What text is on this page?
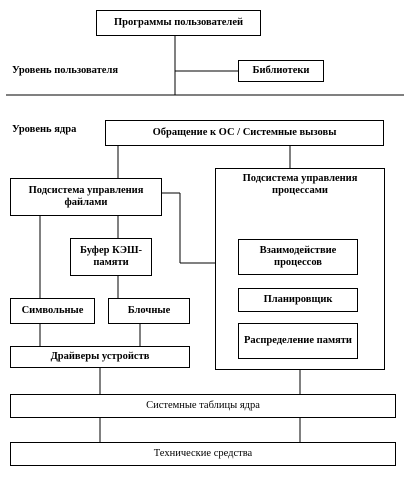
Уровень пользователя
Уровень ядра
Программы пользователей
Библиотеки
Обращение к ОС / Системные вызовы
Подсистема управления файлами
Подсистема управления процессами
Взаимодействие процессов
Планировщик
Распределение памяти
Буфер КЭШ-памяти
Символьные	Блочные
Драйверы устройств
Системные таблицы ядра
Технические средства
